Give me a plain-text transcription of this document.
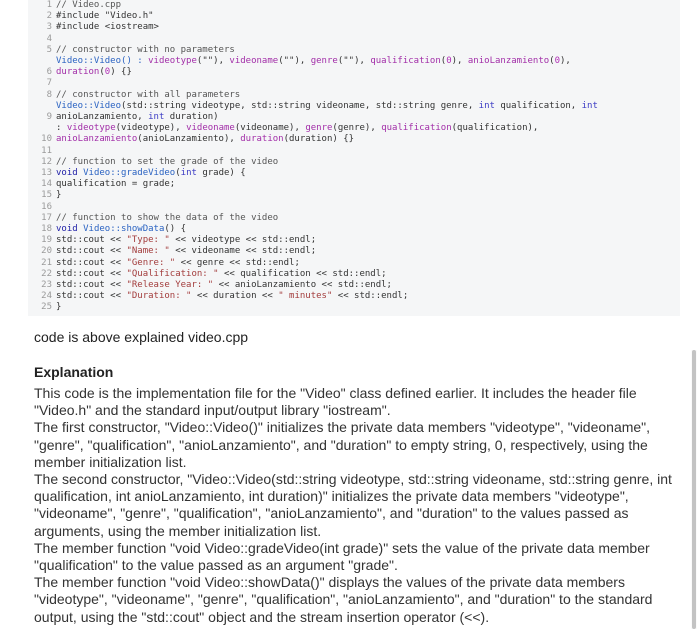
1 // Video.cpp
2 #include "Video.h"
3 #include <iostream>
4
5 // constructor with no parameters
Video::Video() : videotype(""), videoname(""), genre(""), qualification(0), anioLanzamiento(0),
6 duration(0) {}
7
8 // constructor with all parameters
Video::Video(std::string videotype, std::string videoname, std::string genre, int qualification, int
9 anioLanzamiento, int duration)
: videotype(videotype), videoname(videoname), genre(genre), qualification(qualification),
10 anioLanzamiento(anioLanzamiento), duration(duration) {}
11
12 // function to set the grade of the video
13 void Video::gradeVideo(int grade) {
14 qualification = grade;
15 }
16
17 // function to show the data of the video
18 void Video::showData() {
19 std::cout << "Type: " << videotype << std::endl;
20 std::cout << "Name: " << videoname << std::endl;
21 std::cout << "Genre: " << genre << std::endl;
22 std::cout << "Qualification: " << qualification << std::endl;
23 std::cout << "Release Year: " << anioLanzamiento << std::endl;
24 std::cout << "Duration: " << duration << " minutes" << std::endl;
25 }
code is above explained video.cpp
Explanation

This code is the implementation file for the "Video" class defined earlier. It includes the header file "Video.h" and the standard input/output library "iostream".

The first constructor, "Video::Video()" initializes the private data members "videotype", "videoname", "genre", "qualification", "anioLanzamiento", and "duration" to empty string, 0, respectively, using the member initialization list.

The second constructor, "Video::Video(std::string videotype, std::string videoname, std::string genre, int qualification, int anioLanzamiento, int duration)" initializes the private data members "videotype", "videoname", "genre", "qualification", "anioLanzamiento", and "duration" to the values passed as arguments, using the member initialization list.

The member function "void Video::gradeVideo(int grade)" sets the value of the private data member "qualification" to the value passed as an argument "grade".

The member function "void Video::showData()" displays the values of the private data members "videotype", "videoname", "genre", "qualification", "anioLanzamiento", and "duration" to the standard output, using the "std::cout" object and the stream insertion operator (<<).
